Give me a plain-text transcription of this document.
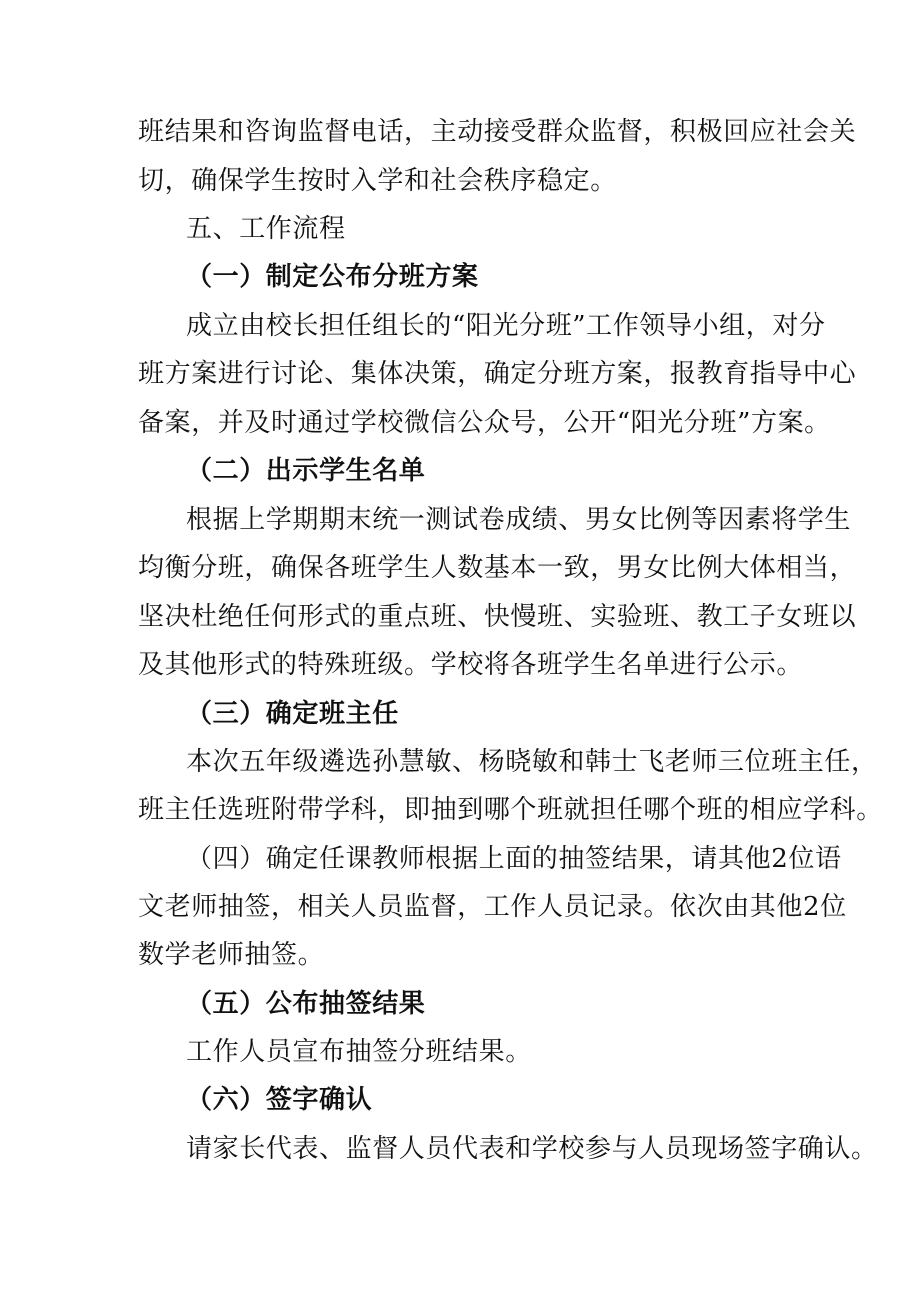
班结果和咨询监督电话，主动接受群众监督，积极回应社会关
切，确保学生按时入学和社会秩序稳定。
五、工作流程
（一）制定公布分班方案
成立由校长担任组长的“阳光分班”工作领导小组，对分
班方案进行讨论、集体决策，确定分班方案，报教育指导中心
备案，并及时通过学校微信公众号，公开“阳光分班”方案。
（二）出示学生名单
根据上学期期末统一测试卷成绩、男女比例等因素将学生
均衡分班，确保各班学生人数基本一致，男女比例大体相当，
坚决杜绝任何形式的重点班、快慢班、实验班、教工子女班以
及其他形式的特殊班级。学校将各班学生名单进行公示。
（三）确定班主任
本次五年级遴选孙慧敏、杨晓敏和韩士飞老师三位班主任，
班主任选班附带学科，即抽到哪个班就担任哪个班的相应学科。
（四）确定任课教师根据上面的抽签结果，请其他2位语
文老师抽签，相关人员监督，工作人员记录。依次由其他2位
数学老师抽签。
（五）公布抽签结果
工作人员宣布抽签分班结果。
（六）签字确认
请家长代表、监督人员代表和学校参与人员现场签字确认。
